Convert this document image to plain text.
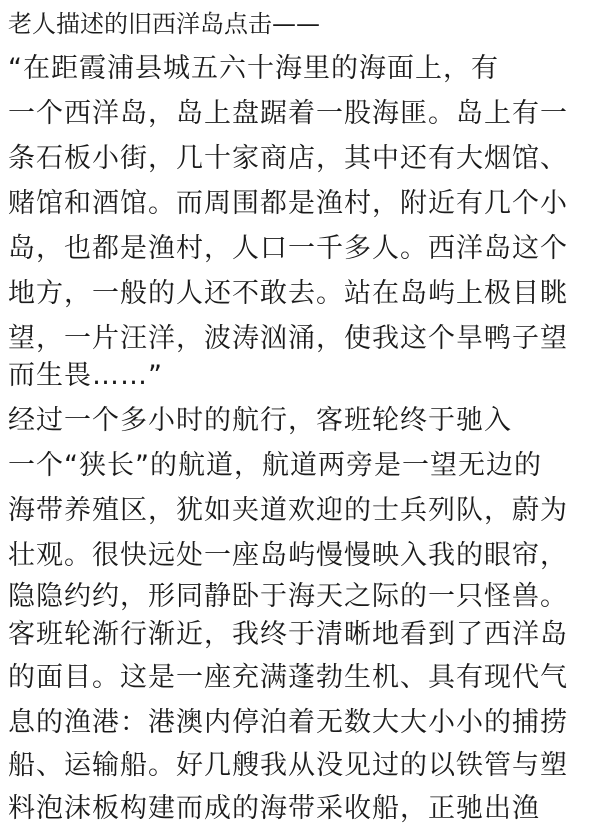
老人描述的旧西洋岛点击——
“在距霞浦县城五六十海里的海面上，有
一个西洋岛，岛上盘踞着一股海匪。岛上有一
条石板小街，几十家商店，其中还有大烟馆、
赌馆和酒馆。而周围都是渔村，附近有几个小
岛，也都是渔村，人口一千多人。西洋岛这个
地方，一般的人还不敢去。站在岛屿上极目眺
望，一片汪洋，波涛汹涌，使我这个旱鸭子望
而生畏……”
经过一个多小时的航行，客班轮终于驰入
一个“狭长”的航道，航道两旁是一望无边的
海带养殖区，犹如夹道欢迎的士兵列队，蔚为
壮观。很快远处一座岛屿慢慢映入我的眼帘，
隐隐约约，形同静卧于海天之际的一只怪兽。
客班轮渐行渐近，我终于清晰地看到了西洋岛
的面目。这是一座充满蓬勃生机、具有现代气
息的渔港：港澳内停泊着无数大大小小的捕捞
船、运输船。好几艘我从没见过的以铁管与塑
料泡沫板构建而成的海带采收船，正驰出渔
